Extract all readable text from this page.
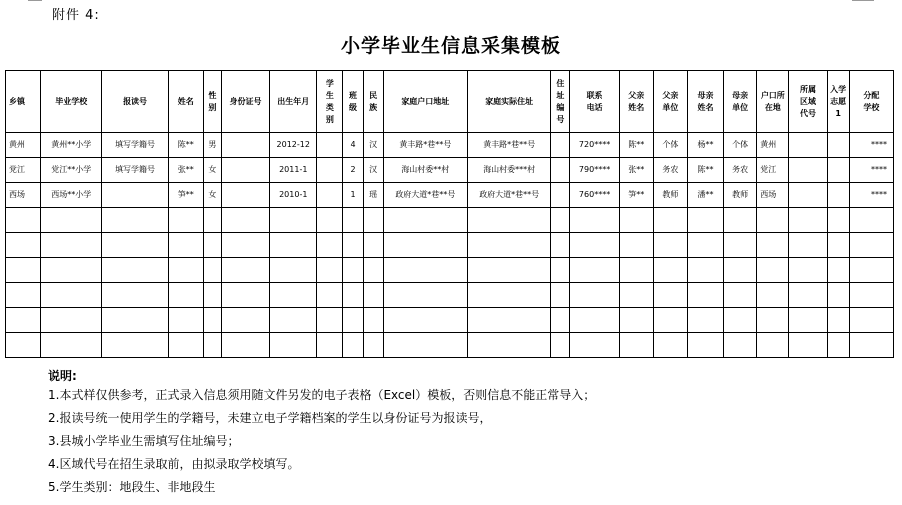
附件 4:
小学毕业生信息采集模板
乡镇	毕业学校	报读号	姓名	性别	身份证号	出生年月	学生类别	班级	民族	家庭户口地址	家庭实际住址	住址编号	联系电话	父亲姓名	父亲单位	母亲姓名	母亲单位	户口所在地	所属区域代号	入学志愿1	分配学校

黄州	黄州**小学	填写学籍号	陈**	男		2012-12		4	汉	黄丰路*巷**号	黄丰路*巷**号		720****	陈**	个体	杨**	个体	黄州			****
党江	党江**小学	填写学籍号	张**	女		2011-1		2	汉	海山村委**村	海山村委***村		790****	张**	务农	陈**	务农	党江			****
西场	西场**小学		笋**	女		2010-1		1	瑶	政府大道*巷**号	政府大道*巷**号		760****	笋**	教师	潘**	教师	西场			****

说明:
1.本式样仅供参考，正式录入信息须用随文件另发的电子表格（Excel）模板，否则信息不能正常导入；
2.报读号统一使用学生的学籍号，未建立电子学籍档案的学生以身份证号为报读号，
3.县城小学毕业生需填写住址编号；
4.区域代号在招生录取前，由拟录取学校填写。
5.学生类别：地段生、非地段生
